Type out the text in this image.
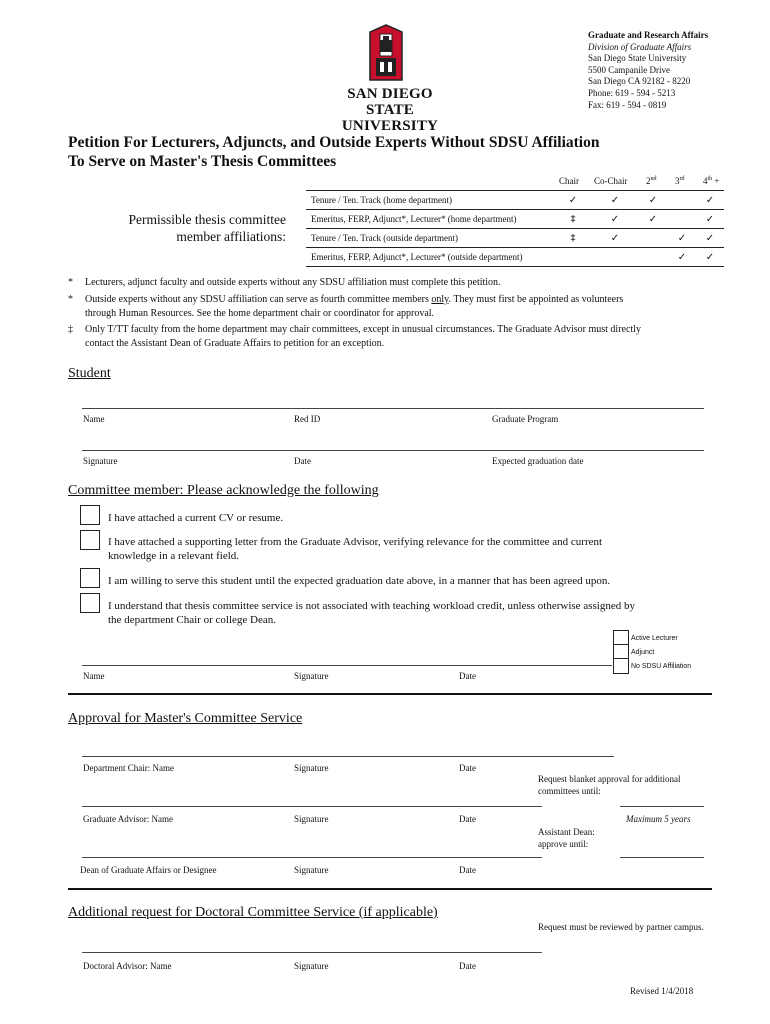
SAN DIEGO STATE
UNIVERSITY
Graduate and Research Affairs
Division of Graduate Affairs
San Diego State University
5500 Campanile Drive
San Diego CA 92182 - 8220
Phone: 619 - 594 - 5213
Fax: 619 - 594 - 0819
Petition For Lecturers, Adjuncts, and Outside Experts Without SDSU Affiliation
To Serve on Master's Thesis Committees
Permissible thesis committee
member affiliations:
Chair Co-Chair 2nd 3rd 4th +
Tenure / Ten. Track (home department)	✓	✓	✓		✓
Emeritus, FERP, Adjunct*, Lecturer* (home department)	‡	✓	✓		✓
Tenure / Ten. Track (outside department)	‡	✓		✓	✓
Emeritus, FERP, Adjunct*, Lecturer* (outside department)				✓	✓
* Lecturers, adjunct faculty and outside experts without any SDSU affiliation must complete this petition.
* Outside experts without any SDSU affiliation can serve as fourth committee members only. They must first be appointed as volunteers
through Human Resources. See the home department chair or coordinator for approval.
‡ Only T/TT faculty from the home department may chair committees, except in unusual circumstances. The Graduate Advisor must directly
contact the Assistant Dean of Graduate Affairs to petition for an exception.
Student
Name	Red ID	Graduate Program
Signature	Date	Expected graduation date
Committee member: Please acknowledge the following
I have attached a current CV or resume.
I have attached a supporting letter from the Graduate Advisor, verifying relevance for the committee and current
knowledge in a relevant field.
I am willing to serve this student until the expected graduation date above, in a manner that has been agreed upon.
I understand that thesis committee service is not associated with teaching workload credit, unless otherwise assigned by
the department Chair or college Dean.
Active Lecturer
Adjunct
No SDSU Affiliation
Name	Signature	Date
Approval for Master's Committee Service
Department Chair: Name	Signature	Date
Request blanket approval for additional
committees until:
Graduate Advisor: Name	Signature	Date	Maximum 5 years
Assistant Dean:
approve until:
Dean of Graduate Affairs or Designee	Signature	Date
Additional request for Doctoral Committee Service (if applicable)
Request must be reviewed by partner campus.
Doctoral Advisor: Name	Signature	Date
Revised 1/4/2018
